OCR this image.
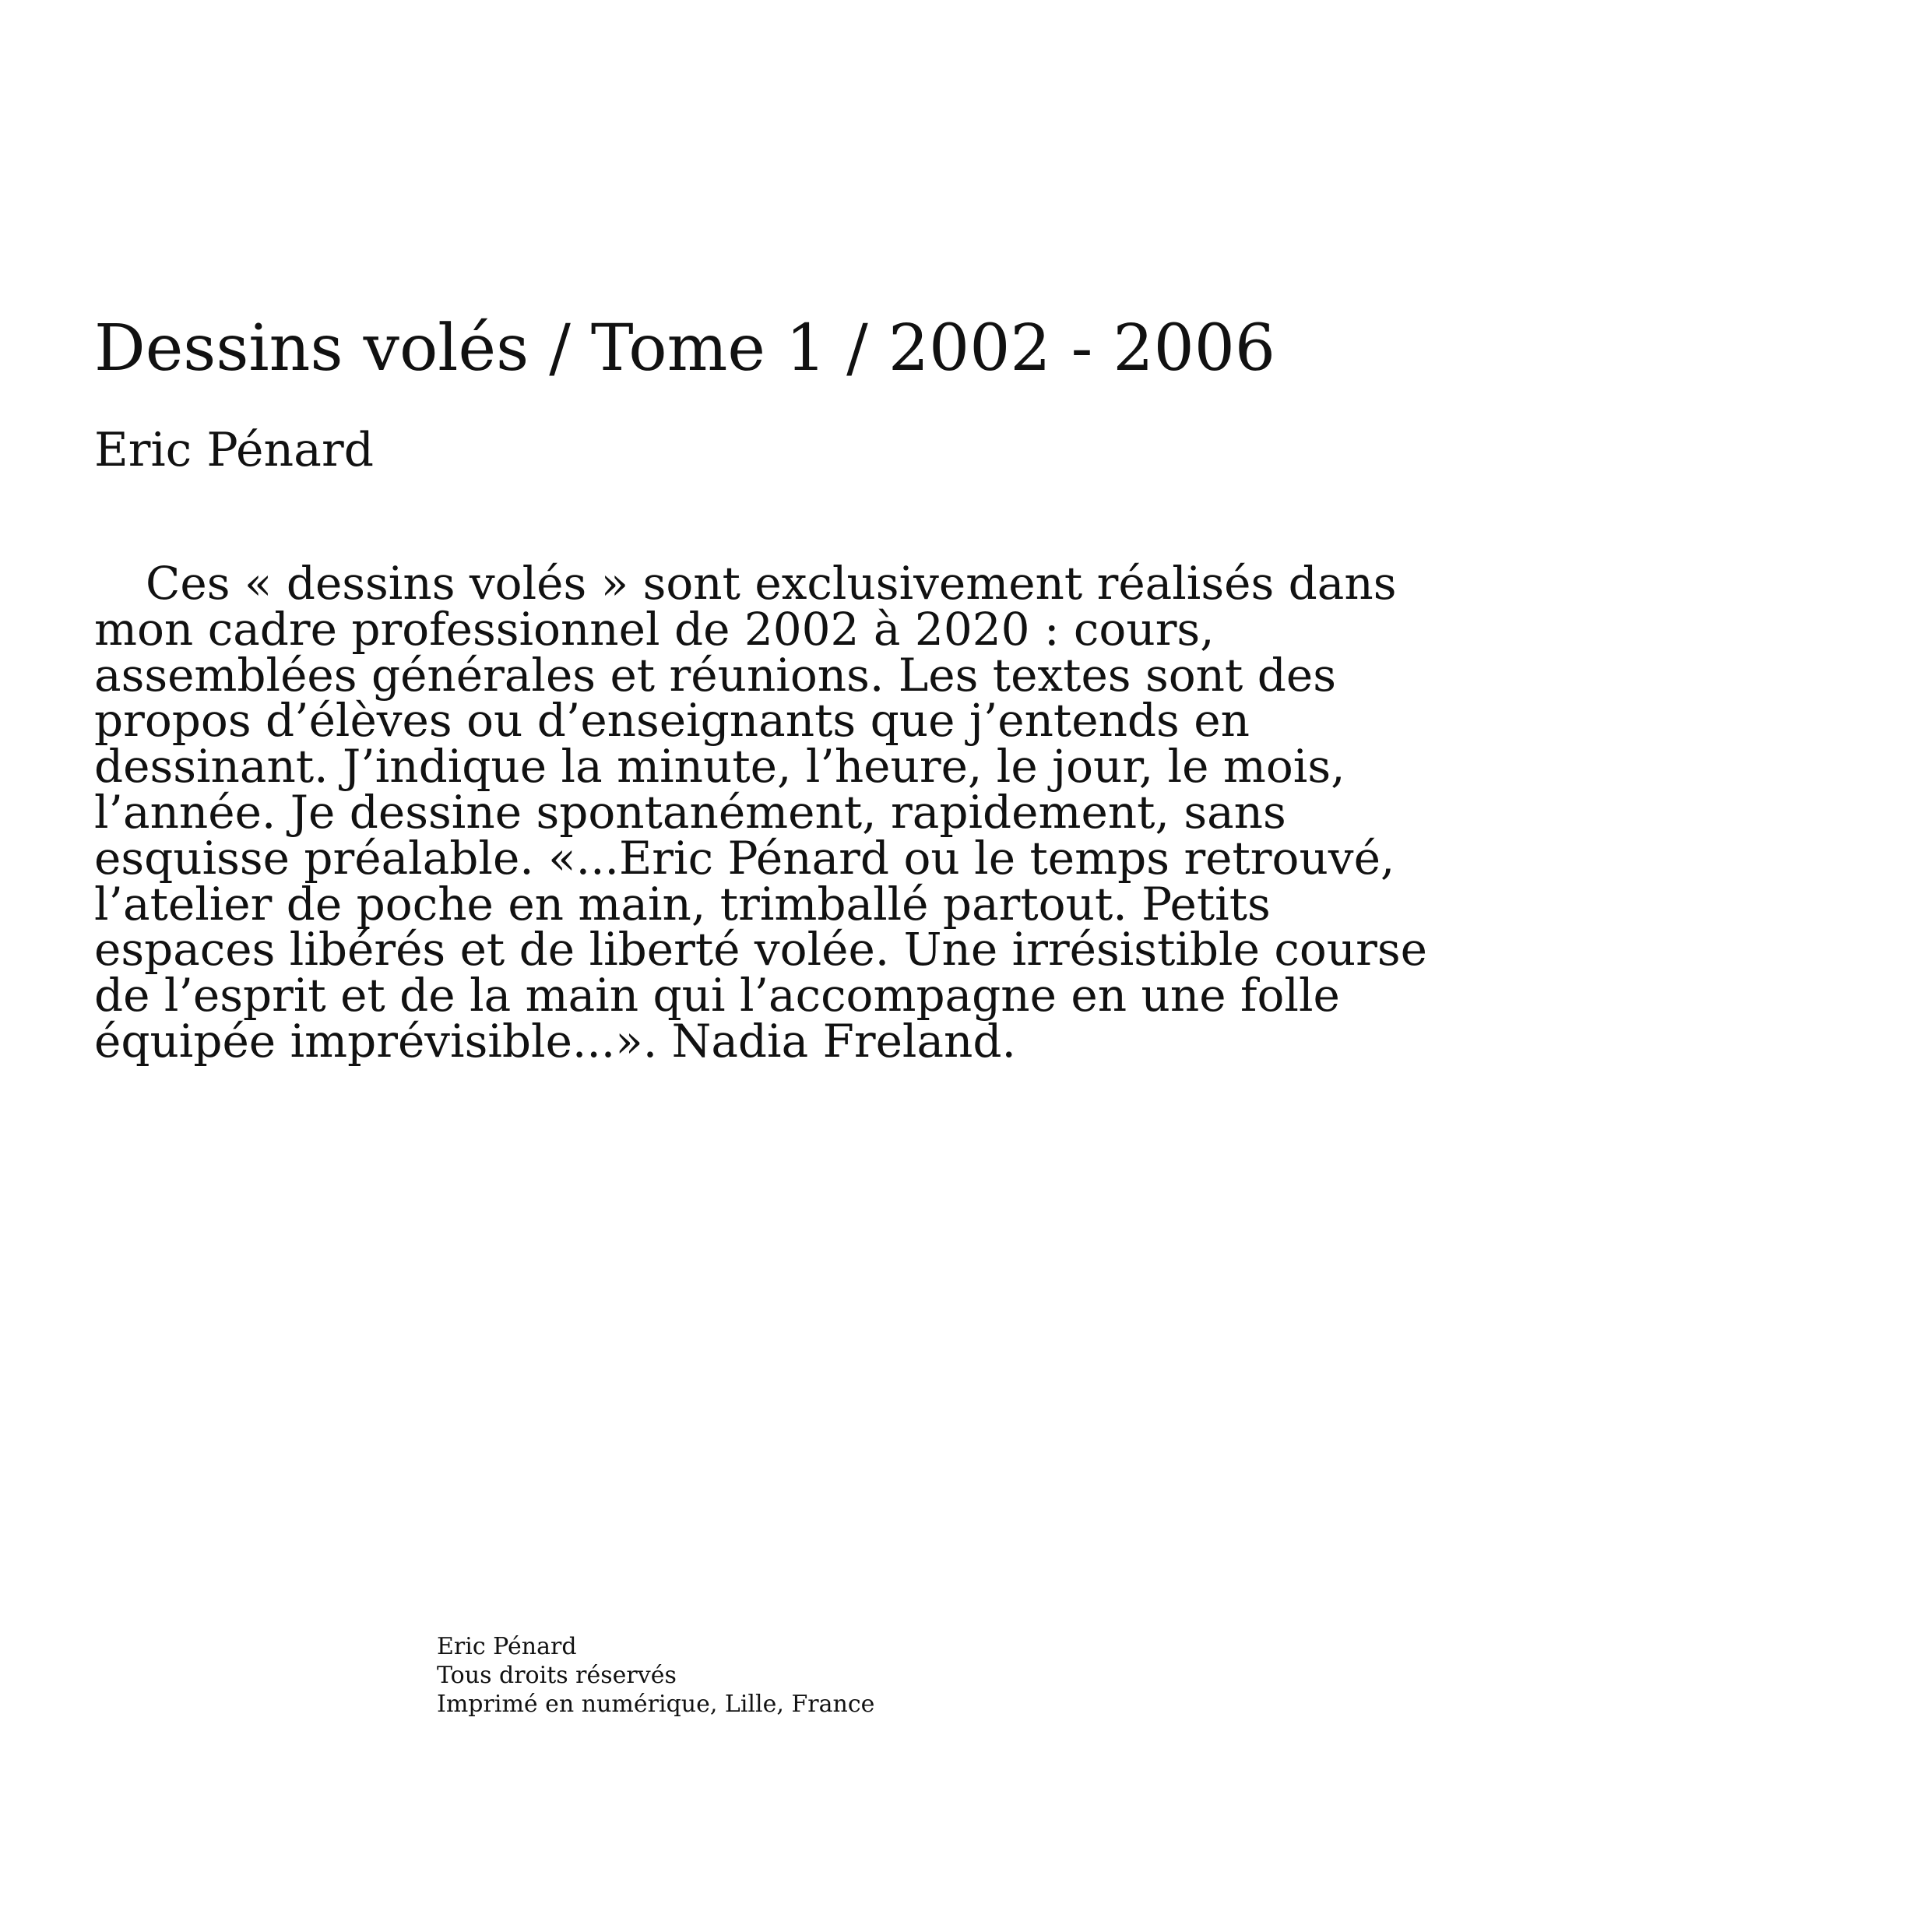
Dessins volés / Tome 1 / 2002 - 2006
Eric Pénard

Ces « dessins volés » sont exclusivement réalisés dans
mon cadre professionnel de 2002 à 2020 : cours,
assemblées générales et réunions. Les textes sont des
propos d’élèves ou d’enseignants que j’entends en
dessinant. J’indique la minute, l’heure, le jour, le mois,
l’année. Je dessine spontanément, rapidement, sans
esquisse préalable. «...Eric Pénard ou le temps retrouvé,
l’atelier de poche en main, trimballé partout. Petits
espaces libérés et de liberté volée. Une irrésistible course
de l’esprit et de la main qui l’accompagne en une folle
équipée imprévisible...». Nadia Freland.

Eric Pénard
Tous droits réservés
Imprimé en numérique, Lille, France
